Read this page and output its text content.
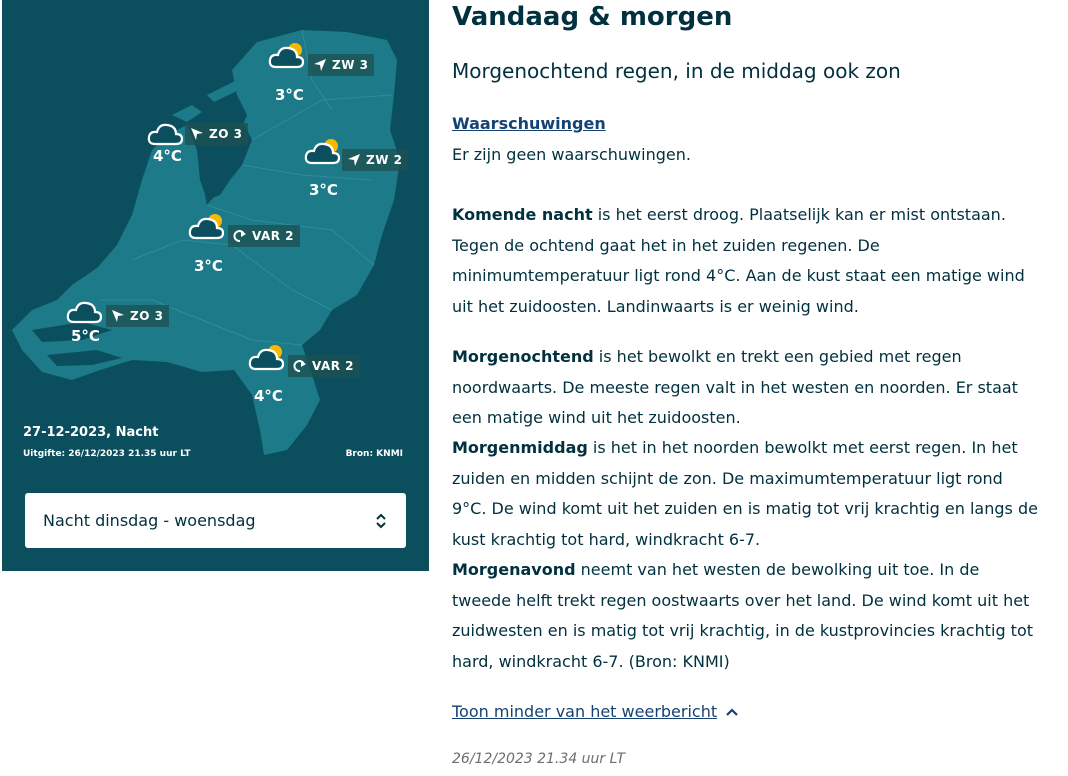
ZW 3
3°C
ZO 3
4°C	ZW 2
3°C
VAR 2
3°C
ZO 3
5°C
VAR 2
4°C
27-12-2023, Nacht
Uitgifte: 26/12/2023 21.35 uur LT	Bron: KNMI
Nacht dinsdag - woensdag
Vandaag & morgen
Morgenochtend regen, in de middag ook zon
Waarschuwingen
Er zijn geen waarschuwingen.

Komende nacht is het eerst droog. Plaatselijk kan er mist ontstaan. Tegen de ochtend gaat het in het zuiden regenen. De minimumtemperatuur ligt rond 4°C. Aan de kust staat een matige wind uit het zuidoosten. Landinwaarts is er weinig wind.

Morgenochtend is het bewolkt en trekt een gebied met regen noordwaarts. De meeste regen valt in het westen en noorden. Er staat een matige wind uit het zuidoosten.

Morgenmiddag is het in het noorden bewolkt met eerst regen. In het zuiden en midden schijnt de zon. De maximumtemperatuur ligt rond 9°C. De wind komt uit het zuiden en is matig tot vrij krachtig en langs de kust krachtig tot hard, windkracht 6-7.

Morgenavond neemt van het westen de bewolking uit toe. In de tweede helft trekt regen oostwaarts over het land. De wind komt uit het zuidwesten en is matig tot vrij krachtig, in de kustprovincies krachtig tot hard, windkracht 6-7. (Bron: KNMI)

Toon minder van het weerbericht
26/12/2023 21.34 uur LT
